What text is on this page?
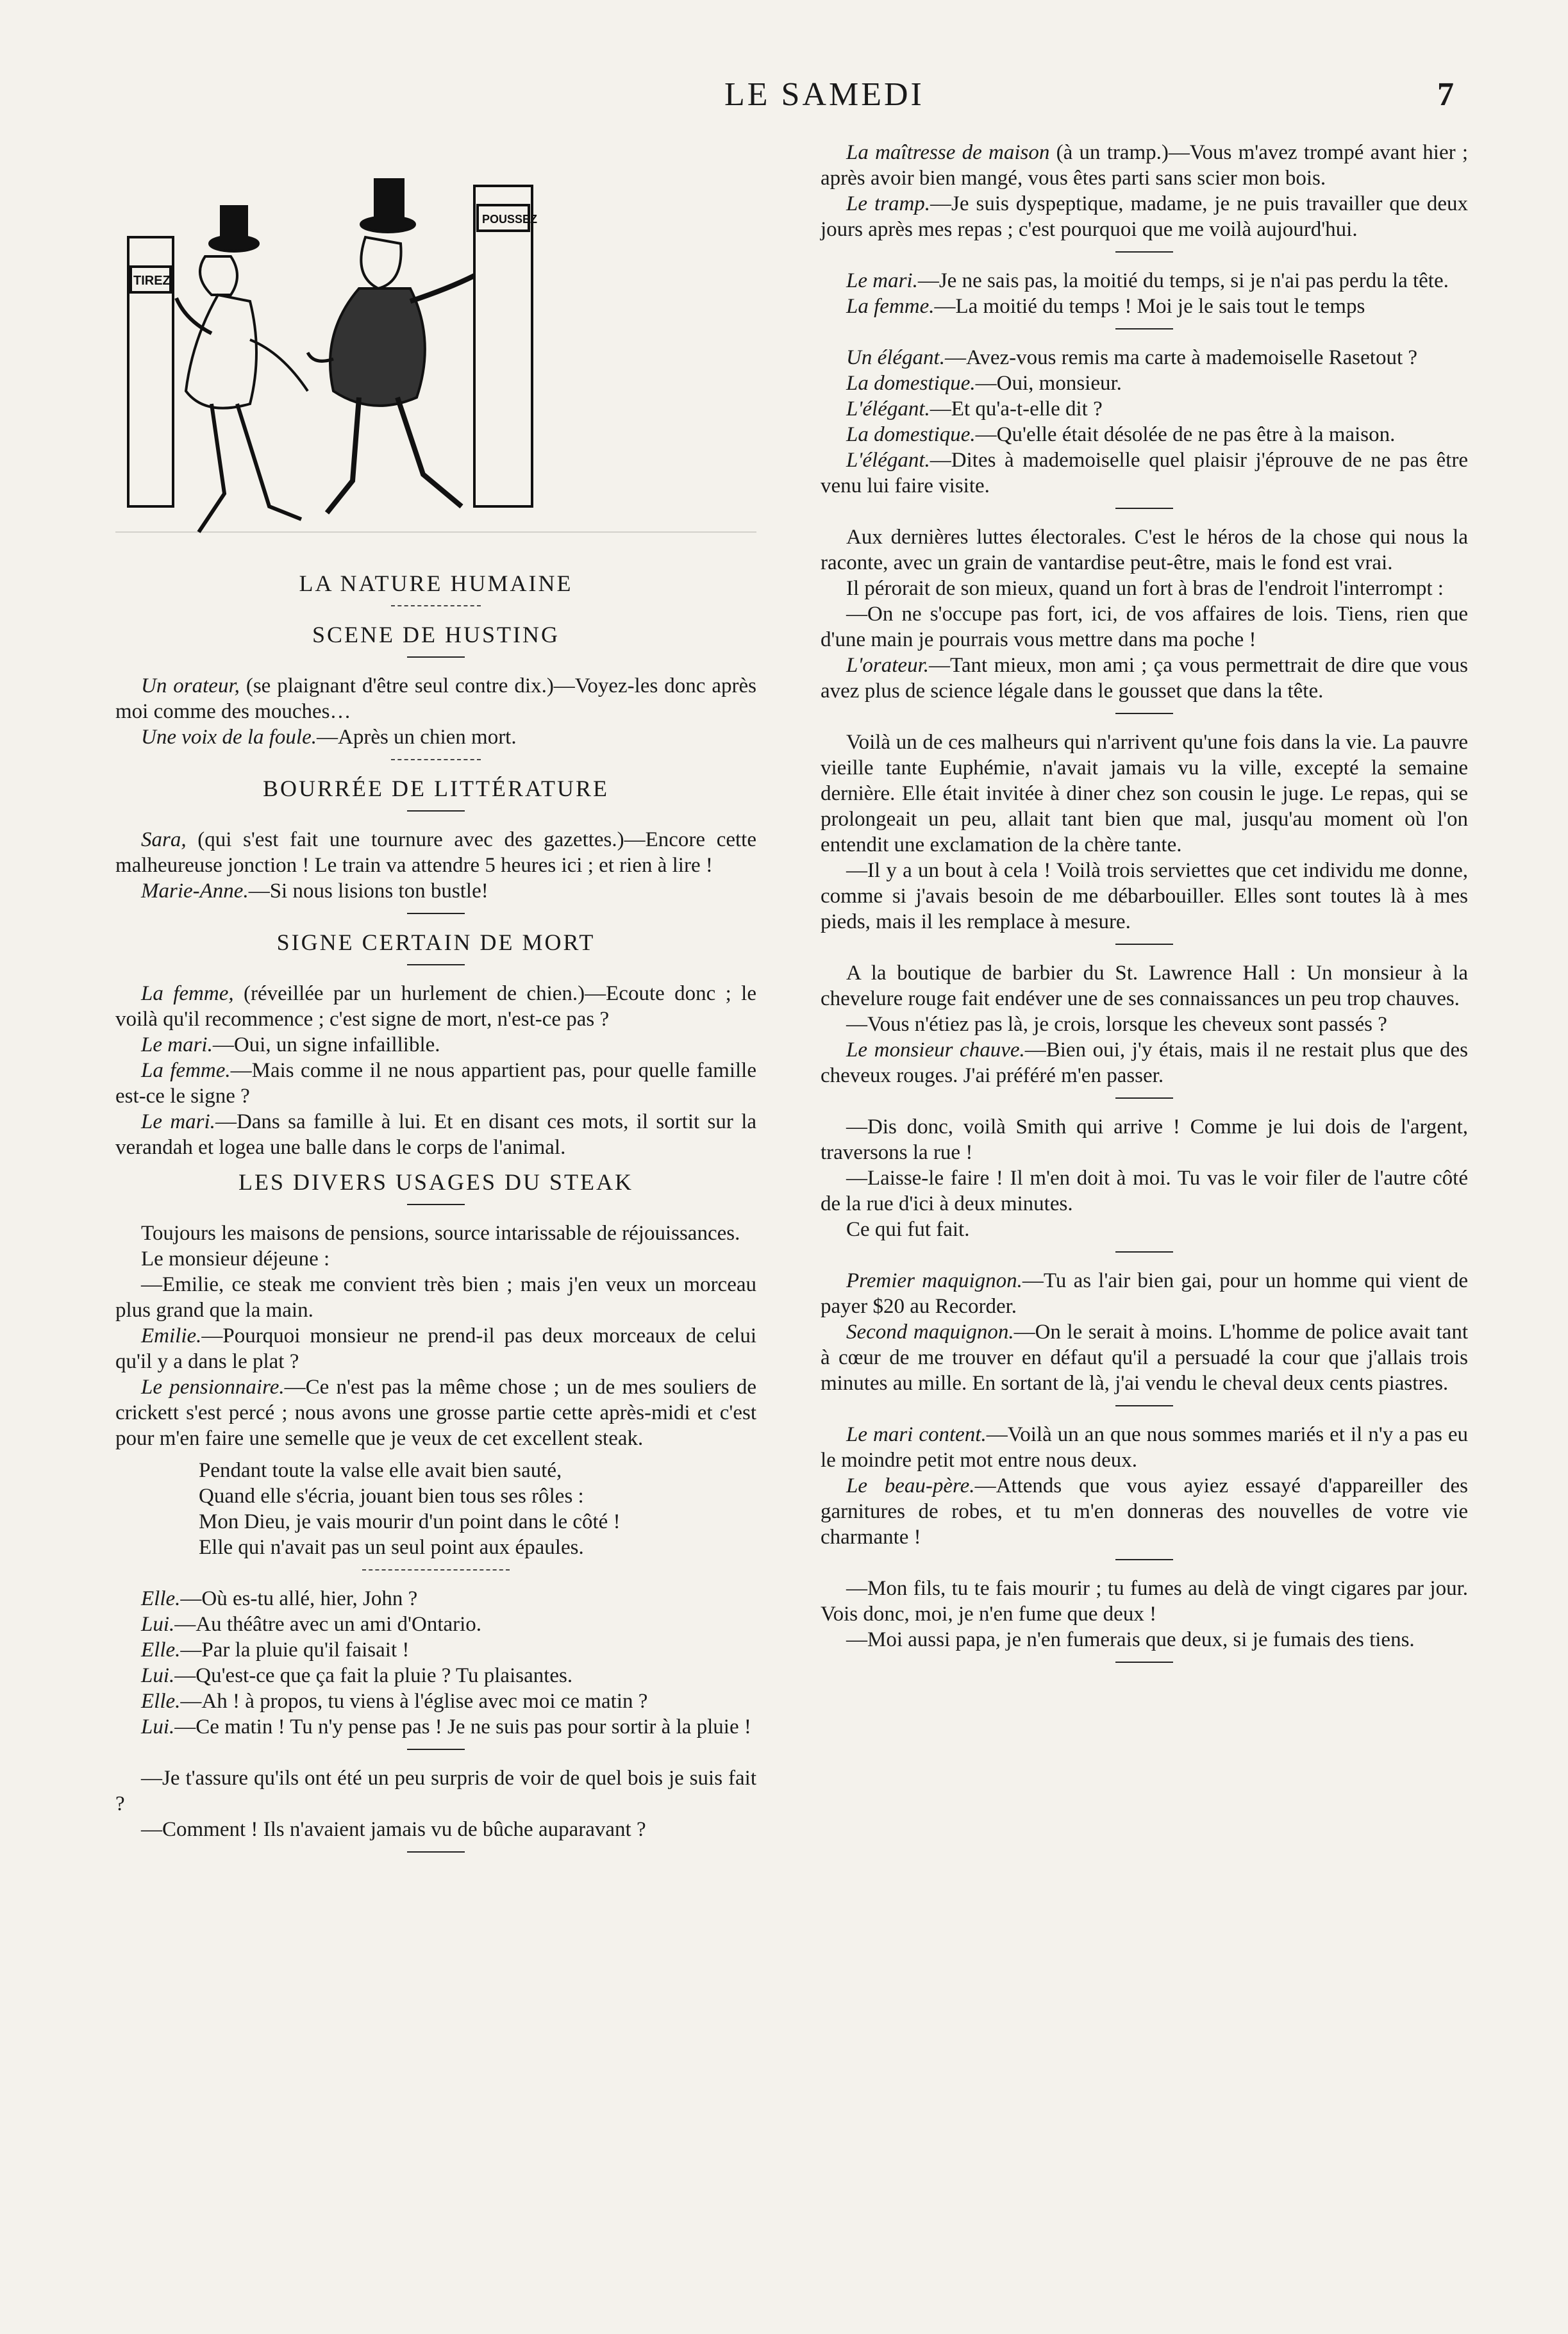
LE SAMEDI	7
TIREZ
POUSSEZ
LA NATURE HUMAINE
SCENE DE HUSTING

Un orateur, (se plaignant d'être seul contre dix.)—Voyez-les donc après moi comme des mouches…

Une voix de la foule.—Après un chien mort.

BOURRÉE DE LITTÉRATURE

Sara, (qui s'est fait une tournure avec des gazettes.)—Encore cette malheureuse jonction ! Le train va attendre 5 heures ici ; et rien à lire !

Marie-Anne.—Si nous lisions ton bustle!

SIGNE CERTAIN DE MORT

La femme, (réveillée par un hurlement de chien.)—Ecoute donc ; le voilà qu'il recommence ; c'est signe de mort, n'est-ce pas ?

Le mari.—Oui, un signe infaillible.

La femme.—Mais comme il ne nous appartient pas, pour quelle famille est-ce le signe ?

Le mari.—Dans sa famille à lui. Et en disant ces mots, il sortit sur la verandah et logea une balle dans le corps de l'animal.

LES DIVERS USAGES DU STEAK

Toujours les maisons de pensions, source intarissable de réjouissances.

Le monsieur déjeune :

—Emilie, ce steak me convient très bien ; mais j'en veux un morceau plus grand que la main.

Emilie.—Pourquoi monsieur ne prend-il pas deux morceaux de celui qu'il y a dans le plat ?

Le pensionnaire.—Ce n'est pas la même chose ; un de mes souliers de crickett s'est percé ; nous avons une grosse partie cette après-midi et c'est pour m'en faire une semelle que je veux de cet excellent steak.

Pendant toute la valse elle avait bien sauté,
Quand elle s'écria, jouant bien tous ses rôles :
Mon Dieu, je vais mourir d'un point dans le côté !
Elle qui n'avait pas un seul point aux épaules.

Elle.—Où es-tu allé, hier, John ?

Lui.—Au théâtre avec un ami d'Ontario.

Elle.—Par la pluie qu'il faisait !

Lui.—Qu'est-ce que ça fait la pluie ? Tu plaisantes.

Elle.—Ah ! à propos, tu viens à l'église avec moi ce matin ?

Lui.—Ce matin ! Tu n'y pense pas ! Je ne suis pas pour sortir à la pluie !

—Je t'assure qu'ils ont été un peu surpris de voir de quel bois je suis fait ?

—Comment ! Ils n'avaient jamais vu de bûche auparavant ?

La maîtresse de maison (à un tramp.)—Vous m'avez trompé avant hier ; après avoir bien mangé, vous êtes parti sans scier mon bois.

Le tramp.—Je suis dyspeptique, madame, je ne puis travailler que deux jours après mes repas ; c'est pourquoi que me voilà aujourd'hui.

Le mari.—Je ne sais pas, la moitié du temps, si je n'ai pas perdu la tête.

La femme.—La moitié du temps ! Moi je le sais tout le temps

Un élégant.—Avez-vous remis ma carte à mademoiselle Rasetout ?

La domestique.—Oui, monsieur.

L'élégant.—Et qu'a-t-elle dit ?

La domestique.—Qu'elle était désolée de ne pas être à la maison.

L'élégant.—Dites à mademoiselle quel plaisir j'éprouve de ne pas être venu lui faire visite.

Aux dernières luttes électorales. C'est le héros de la chose qui nous la raconte, avec un grain de vantardise peut-être, mais le fond est vrai.

Il pérorait de son mieux, quand un fort à bras de l'endroit l'interrompt :

—On ne s'occupe pas fort, ici, de vos affaires de lois. Tiens, rien que d'une main je pourrais vous mettre dans ma poche !

L'orateur.—Tant mieux, mon ami ; ça vous permettrait de dire que vous avez plus de science légale dans le gousset que dans la tête.

Voilà un de ces malheurs qui n'arrivent qu'une fois dans la vie. La pauvre vieille tante Euphémie, n'avait jamais vu la ville, excepté la semaine dernière. Elle était invitée à diner chez son cousin le juge. Le repas, qui se prolongeait un peu, allait tant bien que mal, jusqu'au moment où l'on entendit une exclamation de la chère tante.

—Il y a un bout à cela ! Voilà trois serviettes que cet individu me donne, comme si j'avais besoin de me débarbouiller. Elles sont toutes là à mes pieds, mais il les remplace à mesure.

A la boutique de barbier du St. Lawrence Hall : Un monsieur à la chevelure rouge fait endéver une de ses connaissances un peu trop chauves.

—Vous n'étiez pas là, je crois, lorsque les cheveux sont passés ?

Le monsieur chauve.—Bien oui, j'y étais, mais il ne restait plus que des cheveux rouges. J'ai préféré m'en passer.

—Dis donc, voilà Smith qui arrive ! Comme je lui dois de l'argent, traversons la rue !

—Laisse-le faire ! Il m'en doit à moi. Tu vas le voir filer de l'autre côté de la rue d'ici à deux minutes.

Ce qui fut fait.

Premier maquignon.—Tu as l'air bien gai, pour un homme qui vient de payer $20 au Recorder.

Second maquignon.—On le serait à moins. L'homme de police avait tant à cœur de me trouver en défaut qu'il a persuadé la cour que j'allais trois minutes au mille. En sortant de là, j'ai vendu le cheval deux cents piastres.

Le mari content.—Voilà un an que nous sommes mariés et il n'y a pas eu le moindre petit mot entre nous deux.

Le beau-père.—Attends que vous ayiez essayé d'appareiller des garnitures de robes, et tu m'en donneras des nouvelles de votre vie charmante !

—Mon fils, tu te fais mourir ; tu fumes au delà de vingt cigares par jour. Vois donc, moi, je n'en fume que deux !

—Moi aussi papa, je n'en fumerais que deux, si je fumais des tiens.
